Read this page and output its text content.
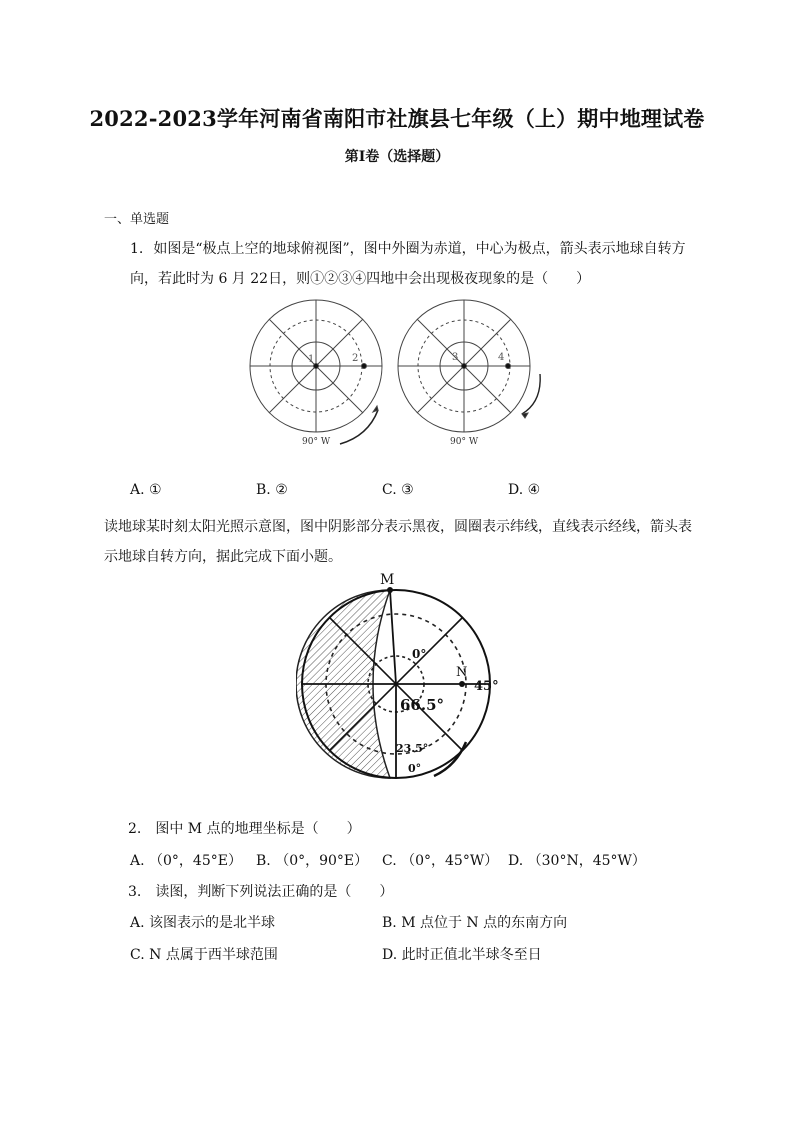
2022-2023学年河南省南阳市社旗县七年级（上）期中地理试卷
第I卷（选择题）
一、单选题
1. 如图是“极点上空的地球俯视图”，图中外圈为赤道，中心为极点，箭头表示地球自转方
向，若此时为 6 月 22日，则①②③④四地中会出现极夜现象的是（　　）
1	2
90° W
3	4
90° W
A. ①	B. ②	C. ③	D. ④
读地球某时刻太阳光照示意图，图中阴影部分表示黑夜，圆圈表示纬线，直线表示经线，箭头表
示地球自转方向，据此完成下面小题。
M
N
0°
45°
66.5°
23.5°
0°
2.　图中 M 点的地理坐标是（　　）
A. （0°，45°E）	B. （0°，90°E） C. （0°，45°W） D. （30°N，45°W）
3.　读图，判断下列说法正确的是（　　）
A. 该图表示的是北半球	B. M 点位于 N 点的东南方向
C. N 点属于西半球范围	D. 此时正值北半球冬至日
